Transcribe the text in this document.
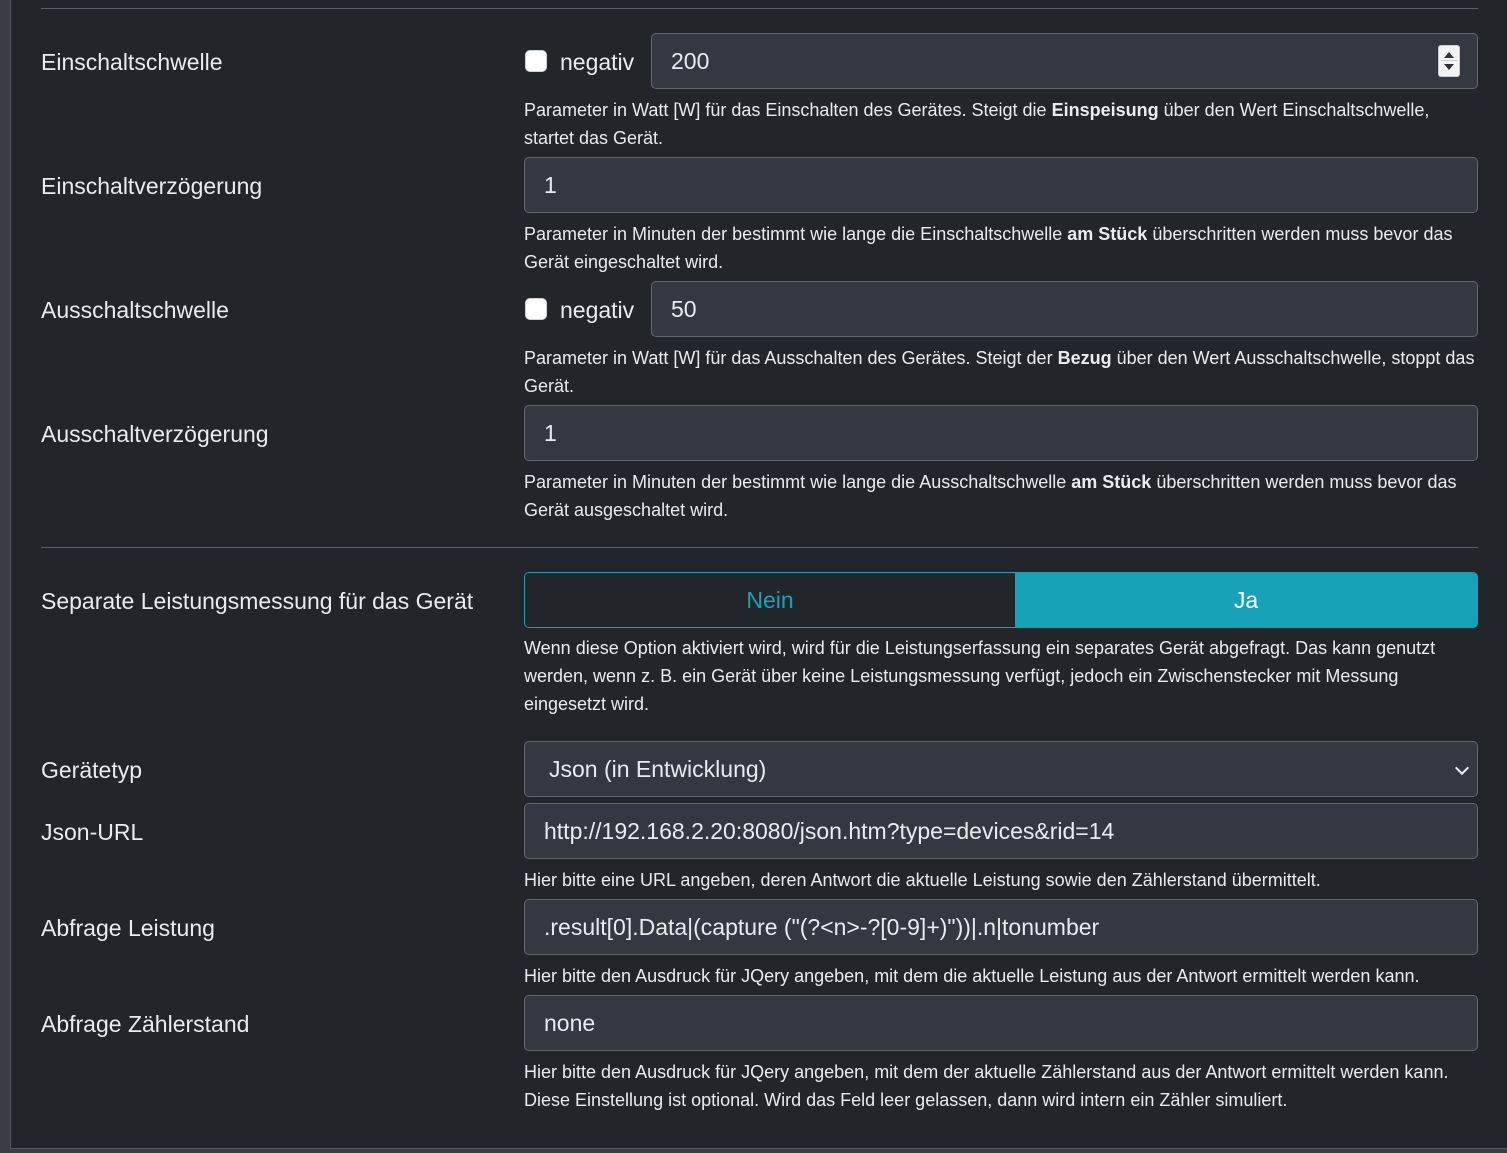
Einschaltschwelle	negativ	200
Parameter in Watt [W] für das Einschalten des Gerätes. Steigt die Einspeisung über den Wert Einschaltschwelle, startet das Gerät.
Einschaltverzögerung	1
Parameter in Minuten der bestimmt wie lange die Einschaltschwelle am Stück überschritten werden muss bevor das Gerät eingeschaltet wird.
Ausschaltschwelle	negativ	50
Parameter in Watt [W] für das Ausschalten des Gerätes. Steigt der Bezug über den Wert Ausschaltschwelle, stoppt das Gerät.
Ausschaltverzögerung	1
Parameter in Minuten der bestimmt wie lange die Ausschaltschwelle am Stück überschritten werden muss bevor das Gerät ausgeschaltet wird.
Separate Leistungsmessung für das Gerät	Nein	Ja
Wenn diese Option aktiviert wird, wird für die Leistungserfassung ein separates Gerät abgefragt. Das kann genutzt werden, wenn z. B. ein Gerät über keine Leistungsmessung verfügt, jedoch ein Zwischenstecker mit Messung eingesetzt wird.
Gerätetyp	Json (in Entwicklung)
Json-URL	http://192.168.2.20:8080/json.htm?type=devices&rid=14
Hier bitte eine URL angeben, deren Antwort die aktuelle Leistung sowie den Zählerstand übermittelt.
Abfrage Leistung	.result[0].Data|(capture ("(?<n>-?[0-9]+)"))|.n|tonumber
Hier bitte den Ausdruck für JQery angeben, mit dem die aktuelle Leistung aus der Antwort ermittelt werden kann.
Abfrage Zählerstand	none
Hier bitte den Ausdruck für JQery angeben, mit dem der aktuelle Zählerstand aus der Antwort ermittelt werden kann. Diese Einstellung ist optional. Wird das Feld leer gelassen, dann wird intern ein Zähler simuliert.
